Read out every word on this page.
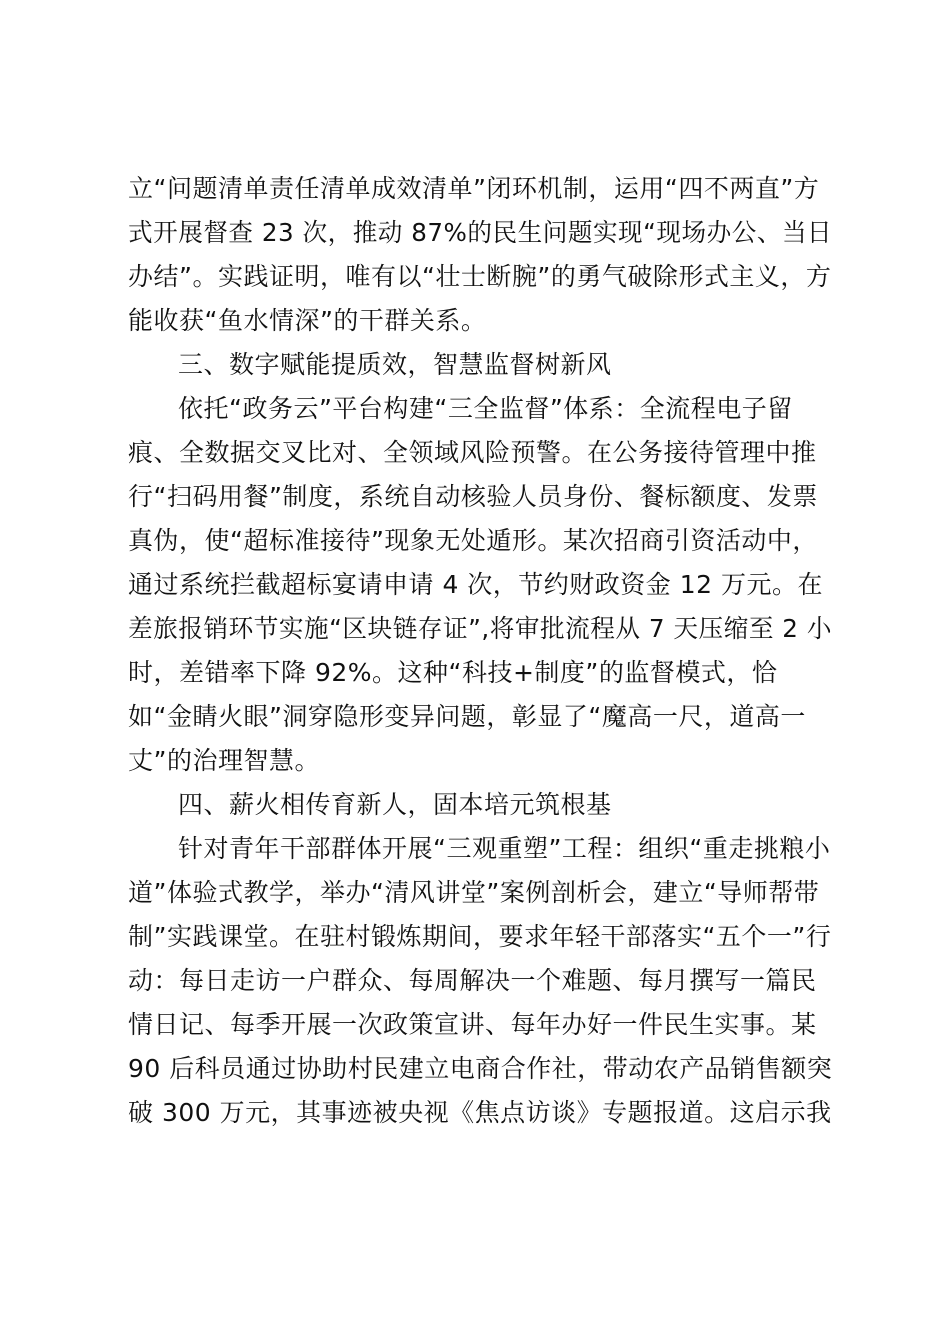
立“问题清单责任清单成效清单”闭环机制，运用“四不两直”方
式开展督查 23 次，推动 87%的民生问题实现“现场办公、当日
办结”。实践证明，唯有以“壮士断腕”的勇气破除形式主义，方
能收获“鱼水情深”的干群关系。
三、数字赋能提质效，智慧监督树新风
依托“政务云”平台构建“三全监督”体系：全流程电子留
痕、全数据交叉比对、全领域风险预警。在公务接待管理中推
行“扫码用餐”制度，系统自动核验人员身份、餐标额度、发票
真伪，使“超标准接待”现象无处遁形。某次招商引资活动中，
通过系统拦截超标宴请申请 4 次，节约财政资金 12 万元。在
差旅报销环节实施“区块链存证”,将审批流程从 7 天压缩至 2 小
时，差错率下降 92%。这种“科技+制度”的监督模式，恰
如“金睛火眼”洞穿隐形变异问题，彰显了“魔高一尺，道高一
丈”的治理智慧。
四、薪火相传育新人，固本培元筑根基
针对青年干部群体开展“三观重塑”工程：组织“重走挑粮小
道”体验式教学，举办“清风讲堂”案例剖析会，建立“导师帮带
制”实践课堂。在驻村锻炼期间，要求年轻干部落实“五个一”行
动：每日走访一户群众、每周解决一个难题、每月撰写一篇民
情日记、每季开展一次政策宣讲、每年办好一件民生实事。某
90 后科员通过协助村民建立电商合作社，带动农产品销售额突
破 300 万元，其事迹被央视《焦点访谈》专题报道。这启示我
